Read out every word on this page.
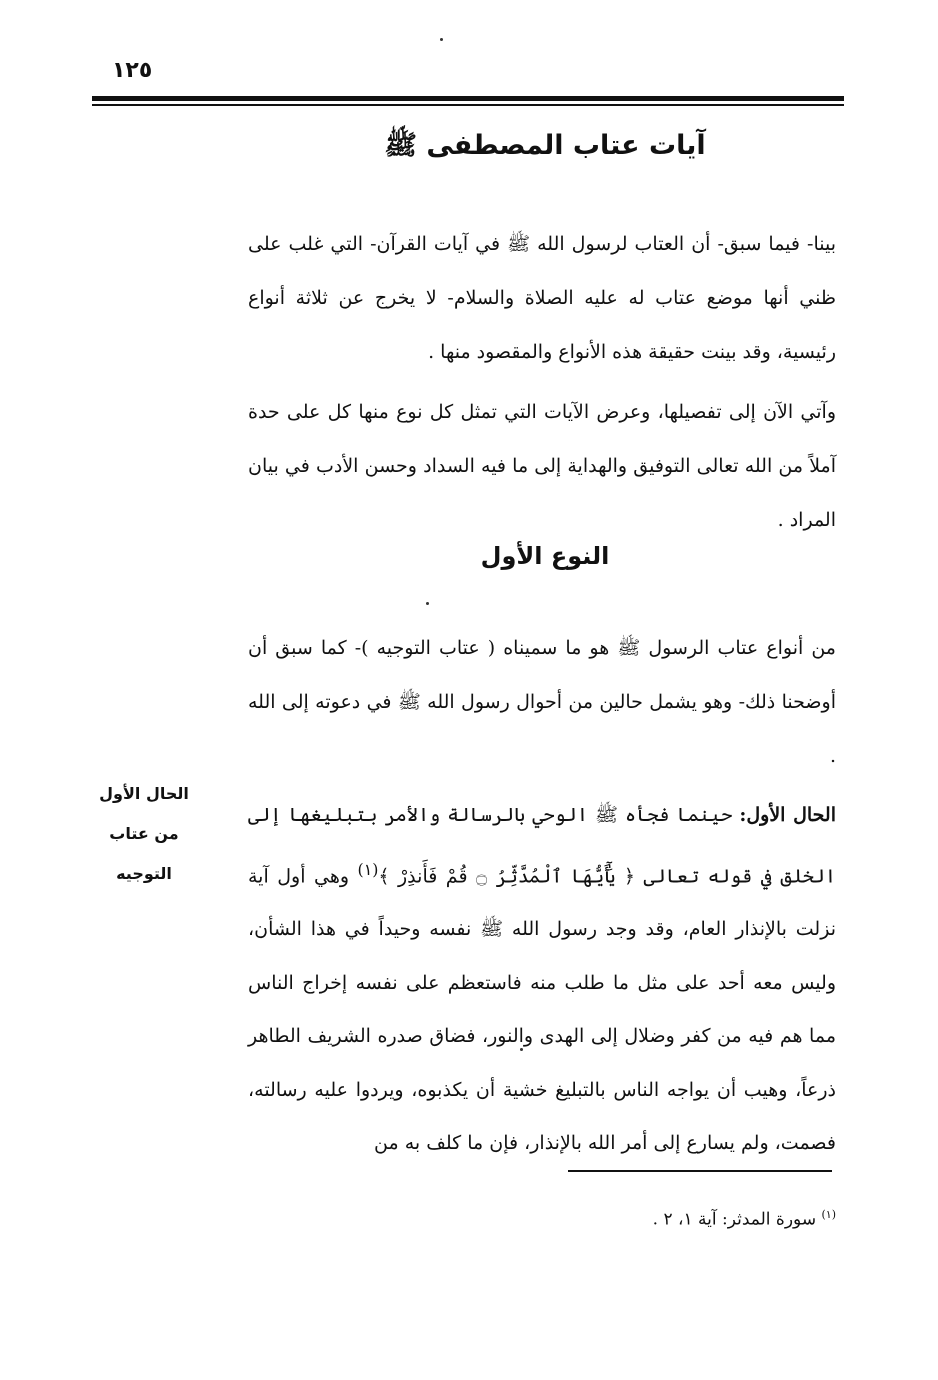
١٢٥
آيات عتاب المصطفى ﷺ

بينا- فيما سبق- أن العتاب لرسول الله ﷺ في آيات القرآن- التي غلب على ظني أنها موضع عتاب له عليه الصلاة والسلام- لا يخرج عن ثلاثة أنواع رئيسية، وقد بينت حقيقة هذه الأنواع والمقصود منها .

وآتي الآن إلى تفصيلها، وعرض الآيات التي تمثل كل نوع منها كل على حدة آملاً من الله تعالى التوفيق والهداية إلى ما فيه السداد وحسن الأدب في بيان المراد .

النوع الأول

من أنواع عتاب الرسول ﷺ هو ما سميناه ( عتاب التوجيه )- كما سبق أن أوضحنا ذلك- وهو يشمل حالين من أحوال رسول الله ﷺ في دعوته إلى الله .

الحال الأول: حينما فجأه ﷺ الوحي بالرسالة والأمر بتبليغها إلى الخلق في قوله تعالى ﴿ يَٰٓأَيُّهَا ٱلْمُدَّثِّرُ ۝ قُمْ فَأَنذِرْ ﴾$^{(١)}$ وهي أول آية نزلت بالإنذار العام، وقد وجد رسول الله ﷺ نفسه وحيداً في هذا الشأن، وليس معه أحد على مثل ما طلب منه فاستعظم على نفسه إخراج الناس مما هم فيه من كفر وضلال إلى الهدى والنور، فضاق صدره الشريف الطاهر ذرعاً، وهيب أن يواجه الناس بالتبليغ خشية أن يكذبوه، ويردوا عليه رسالته، فصمت، ولم يسارع إلى أمر الله بالإنذار، فإن ما كلف به من

الحال الأول
من عتاب
التوجيه
$^{(١)}$ سورة المدثر: آية ١، ٢ .
